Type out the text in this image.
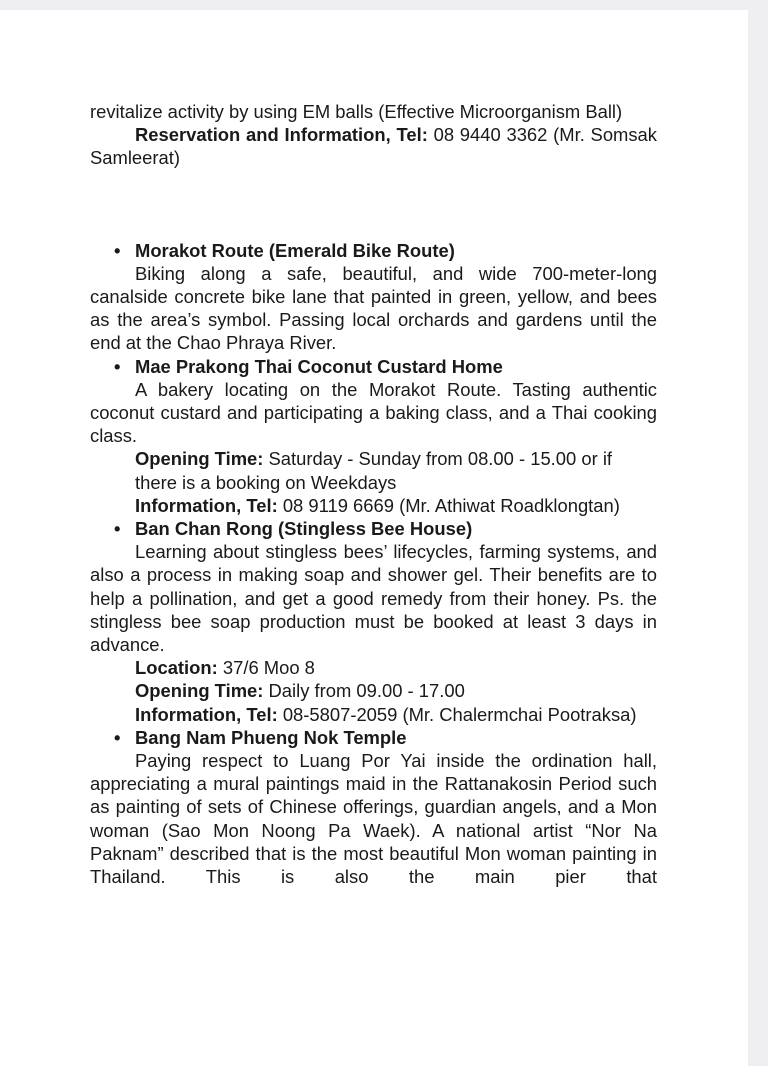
revitalize activity by using EM balls (Effective Microorganism Ball)

Reservation and Information, Tel: 08 9440 3362 (Mr. Somsak Samleerat)

• Morakot Route (Emerald Bike Route)

Biking along a safe, beautiful, and wide 700-meter-long canalside concrete bike lane that painted in green, yellow, and bees as the area’s symbol. Passing local orchards and gardens until the end at the Chao Phraya River.

• Mae Prakong Thai Coconut Custard Home

A bakery locating on the Morakot Route. Tasting authentic coconut custard and participating a baking class, and a Thai cooking class.

Opening Time: Saturday - Sunday from 08.00 - 15.00 or if there is a booking on Weekdays

Information, Tel: 08 9119 6669 (Mr. Athiwat Roadklongtan)

• Ban Chan Rong (Stingless Bee House)

Learning about stingless bees’ lifecycles, farming systems, and also a process in making soap and shower gel. Their benefits are to help a pollination, and get a good remedy from their honey. Ps. the stingless bee soap production must be booked at least 3 days in advance.

Location: 37/6 Moo 8

Opening Time: Daily from 09.00 - 17.00

Information, Tel: 08-5807-2059 (Mr. Chalermchai Pootraksa)

• Bang Nam Phueng Nok Temple

Paying respect to Luang Por Yai inside the ordination hall, appreciating a mural paintings maid in the Rattanakosin Period such as painting of sets of Chinese offerings, guardian angels, and a Mon woman (Sao Mon Noong Pa Waek). A national artist “Nor Na Paknam” described that is the most beautiful Mon woman painting in Thailand. This is also the main pier that
